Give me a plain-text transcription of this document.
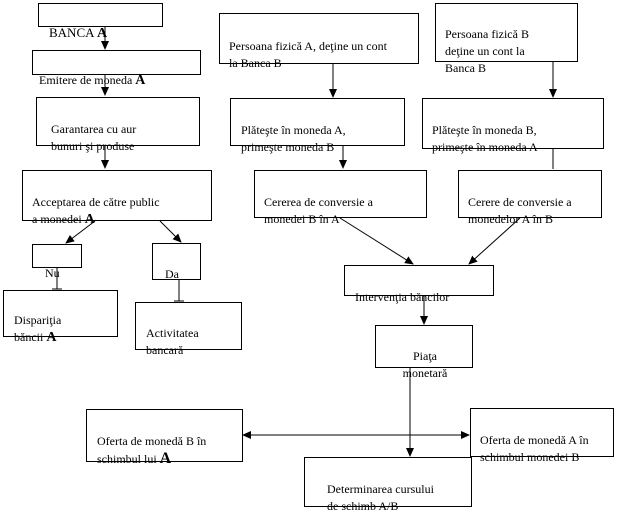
BANCA A

Emitere de moneda A

Garantarea cu aur
bunuri şi produse

Acceptarea de către public
a monedei A

Nu	Da

Dispariţia
băncii A	Activitatea
bancară

Persoana fizică A, deţine un cont
la Banca B

Persoana fizică B
deţine un cont la
Banca B

Plăteşte în moneda A,
primeşte moneda B

Plăteşte în moneda B,
primeşte în moneda A

Cererea de conversie a
monedei B în A

Cerere de conversie a
monedelor A în B

Intervenţia băncilor

Piaţa
monetară

Oferta de monedă B în
schimbul lui A

Oferta de monedă A în
schimbul monedei B

Determinarea cursului
de schimb A/B
